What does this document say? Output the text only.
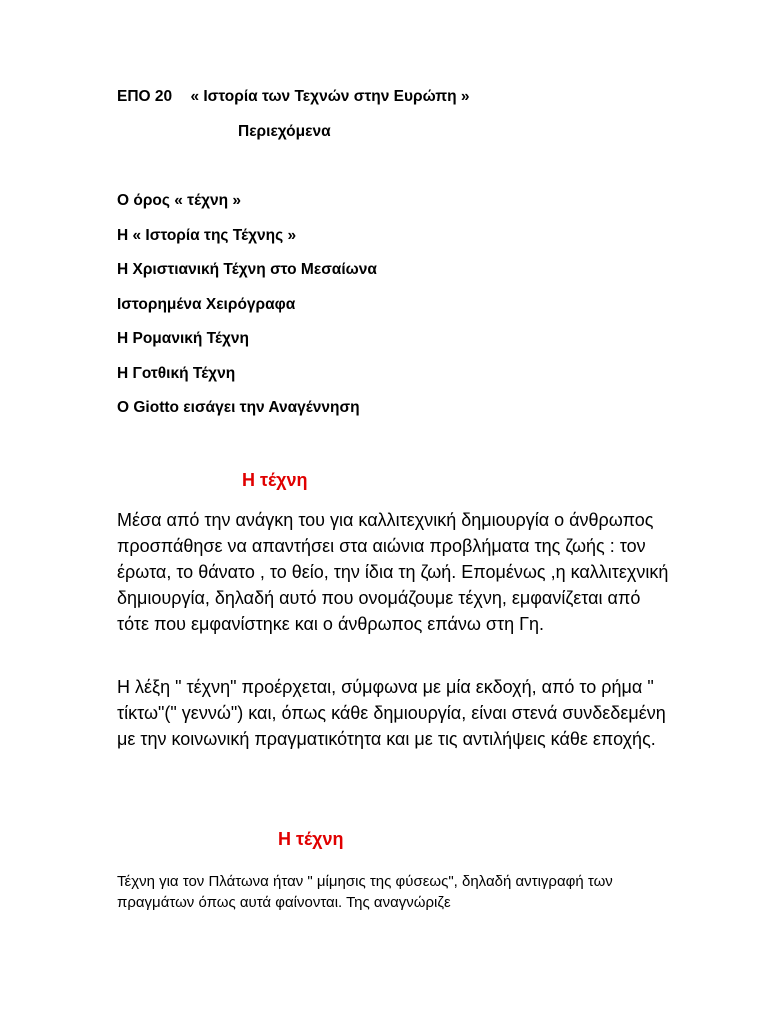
ΕΠΟ 20 « Ιστορία των Τεχνών στην Ευρώπη »
Περιεχόμενα
Ο όρος « τέχνη »
Η « Ιστορία της Τέχνης »
Η Χριστιανική Τέχνη στο Μεσαίωνα
Ιστορημένα Χειρόγραφα
Η Ρομανική Τέχνη
Η Γοτθική Τέχνη
Ο Giotto εισάγει την Αναγέννηση
Η τέχνη

Μέσα από την ανάγκη του για καλλιτεχνική δημιουργία ο άνθρωπος προσπάθησε να απαντήσει στα αιώνια προβλήματα της ζωής : τον έρωτα, το θάνατο , το θείο, την ίδια τη ζωή. Επομένως ,η καλλιτεχνική δημιουργία, δηλαδή αυτό που ονομάζουμε τέχνη, εμφανίζεται από τότε που εμφανίστηκε και ο άνθρωπος επάνω στη Γη.

Η λέξη " τέχνη" προέρχεται, σύμφωνα με μία εκδοχή, από το ρήμα " τίκτω"(" γεννώ") και, όπως κάθε δημιουργία, είναι στενά συνδεδεμένη με την κοινωνική πραγματικότητα και με τις αντιλήψεις κάθε εποχής.

Η τέχνη

Τέχνη για τον Πλάτωνα ήταν " μίμησις της φύσεως", δηλαδή αντιγραφή των πραγμάτων όπως αυτά φαίνονται. Της αναγνώριζε
